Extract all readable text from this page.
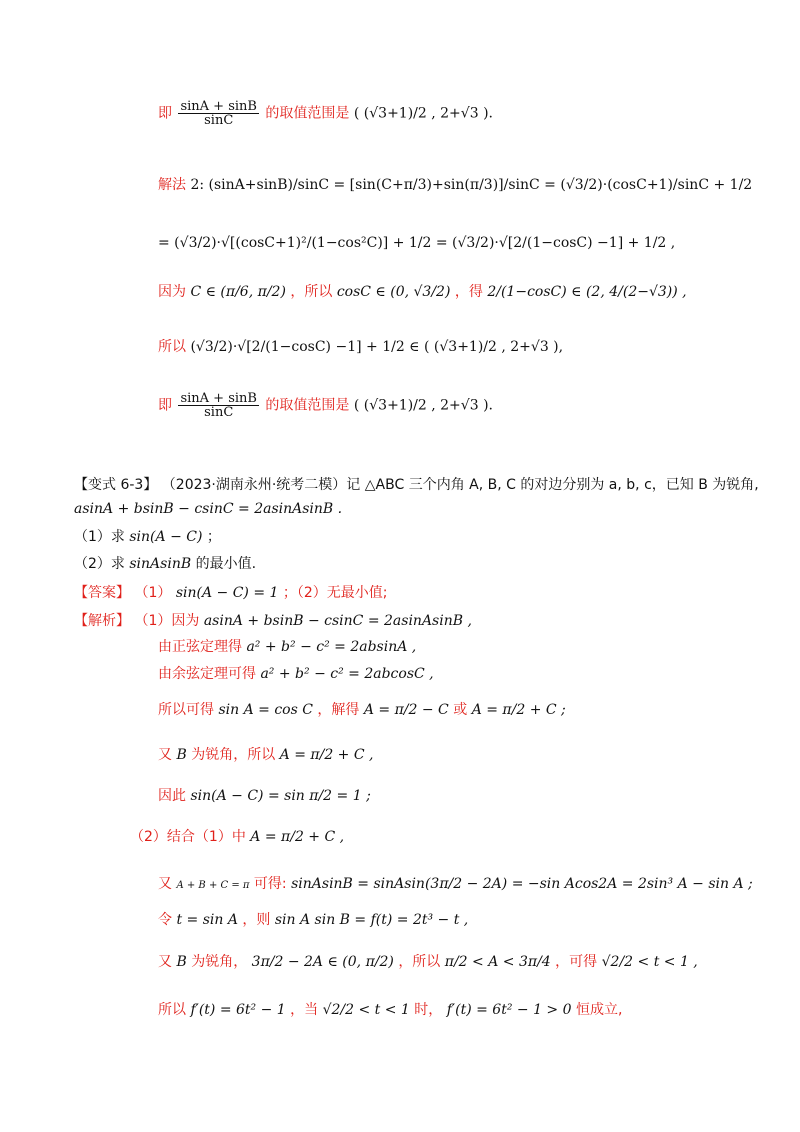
即 $\frac{\sin A + \sin B}{\sin C}$ 的取值范围是 ( (√3+1)/2 , 2+√3 ).
解法 2: (sinA+sinB)/sinC = [sin(C+π/3)+sin(π/3)]/sinC = (√3/2)·(cosC+1)/sinC + 1/2
= (√3/2)·√[(cosC+1)²/(1−cos²C)] + 1/2 = (√3/2)·√[2/(1−cosC) −1] + 1/2 ,
因为 C ∈ (π/6, π/2) ，所以 cosC ∈ (0, √3/2) ，得 2/(1−cosC) ∈ (2, 4/(2−√3)) ,
所以 (√3/2)·√[2/(1−cosC) −1] + 1/2 ∈ ( (√3+1)/2 , 2+√3 ),
即 $\frac{\sin A + \sin B}{\sin C}$ 的取值范围是 ( (√3+1)/2 , 2+√3 ).
【变式 6-3】 （2023·湖南永州·统考二模）记 △ABC 三个内角 A, B, C 的对边分别为 a, b, c，已知 B 为锐角,
asinA + bsinB − csinC = 2asinAsinB .
（1）求 sin(A − C) ；
（2）求 sinAsinB 的最小值.
【答案】 （1） sin(A − C) = 1 ；（2）无最小值;
【解析】 （1）因为 asinA + bsinB − csinC = 2asinAsinB ,
由正弦定理得 a² + b² − c² = 2absinA ,
由余弦定理可得 a² + b² − c² = 2abcosC ,
所以可得 sin A = cos C ，解得 A = π/2 − C 或 A = π/2 + C ;
又 B 为锐角，所以 A = π/2 + C ,
因此 sin(A − C) = sin π/2 = 1 ;
（2）结合（1）中 A = π/2 + C ,
又 A + B + C = π 可得: sinAsinB = sinAsin(3π/2 − 2A) = −sin Acos2A = 2sin³ A − sin A ;
令 t = sin A ，则 sin A sin B = f(t) = 2t³ − t ,
又 B 为锐角， 3π/2 − 2A ∈ (0, π/2) ，所以 π/2 < A < 3π/4 ，可得 √2/2 < t < 1 ,
所以 f′(t) = 6t² − 1 ，当 √2/2 < t < 1 时， f′(t) = 6t² − 1 > 0 恒成立,
